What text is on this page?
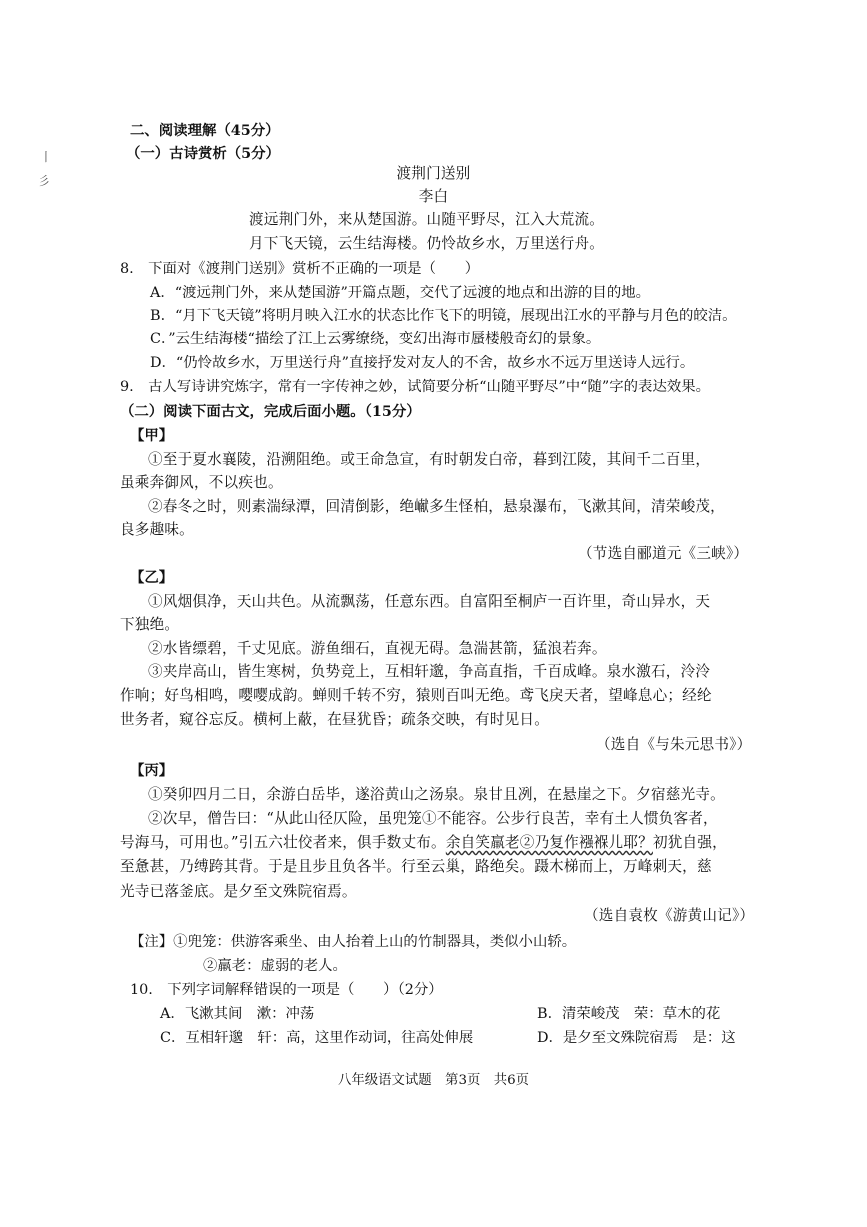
丨
彡
二、阅读理解（45分）
（一）古诗赏析（5分）
渡荆门送别
李白
渡远荆门外，来从楚国游。山随平野尽，江入大荒流。
月下飞天镜，云生结海楼。仍怜故乡水，万里送行舟。
8.　下面对《渡荆门送别》赏析不正确的一项是（　　）
A．“渡远荆门外，来从楚国游”开篇点题，交代了远渡的地点和出游的目的地。
B．“月下飞天镜”将明月映入江水的状态比作飞下的明镜，展现出江水的平静与月色的皎洁。
C．”云生结海楼“描绘了江上云雾缭绕，变幻出海市蜃楼般奇幻的景象。
D．“仍怜故乡水，万里送行舟”直接抒发对友人的不舍，故乡水不远万里送诗人远行。
9.　古人写诗讲究炼字，常有一字传神之妙，试简要分析“山随平野尽”中“随”字的表达效果。
（二）阅读下面古文，完成后面小题。（15分）
【甲】
①至于夏水襄陵，沿溯阻绝。或王命急宣，有时朝发白帝，暮到江陵，其间千二百里，
虽乘奔御风，不以疾也。
②春冬之时，则素湍绿潭，回清倒影，绝𪩘多生怪柏，悬泉瀑布，飞漱其间，清荣峻茂，
良多趣味。
（节选自郦道元《三峡》）
【乙】
①风烟俱净，天山共色。从流飘荡，任意东西。自富阳至桐庐一百许里，奇山异水，天
下独绝。
②水皆缥碧，千丈见底。游鱼细石，直视无碍。急湍甚箭，猛浪若奔。
③夹岸高山，皆生寒树，负势竞上，互相轩邈，争高直指，千百成峰。泉水激石，泠泠
作响；好鸟相鸣，嘤嘤成韵。蝉则千转不穷，猿则百叫无绝。鸢飞戾天者，望峰息心；经纶
世务者，窥谷忘反。横柯上蔽，在昼犹昏；疏条交映，有时见日。
（选自《与朱元思书》）
【丙】
①癸卯四月二日，余游白岳毕，遂浴黄山之汤泉。泉甘且冽，在悬崖之下。夕宿慈光寺。
②次早，僧告曰：“从此山径仄险，虽兜笼①不能容。公步行良苦，幸有土人惯负客者，
号海马，可用也。”引五六壮佼者来，俱手数丈布。余自笑羸老②乃复作襁褓儿耶？初犹自强，
至惫甚，乃缚跨其背。于是且步且负各半。行至云巢，路绝矣。蹑木梯而上，万峰刺天，慈
光寺已落釜底。是夕至文殊院宿焉。
（选自袁枚《游黄山记》）
【注】①兜笼：供游客乘坐、由人抬着上山的竹制器具，类似小山轿。
②羸老：虚弱的老人。
10.　下列字词解释错误的一项是（　　）（2分）
A．飞漱其间　漱：冲荡	B．清荣峻茂　荣：草木的花
C．互相轩邈　轩：高，这里作动词，往高处伸展	D．是夕至文殊院宿焉　是：这
八年级语文试题　第3页　共6页
